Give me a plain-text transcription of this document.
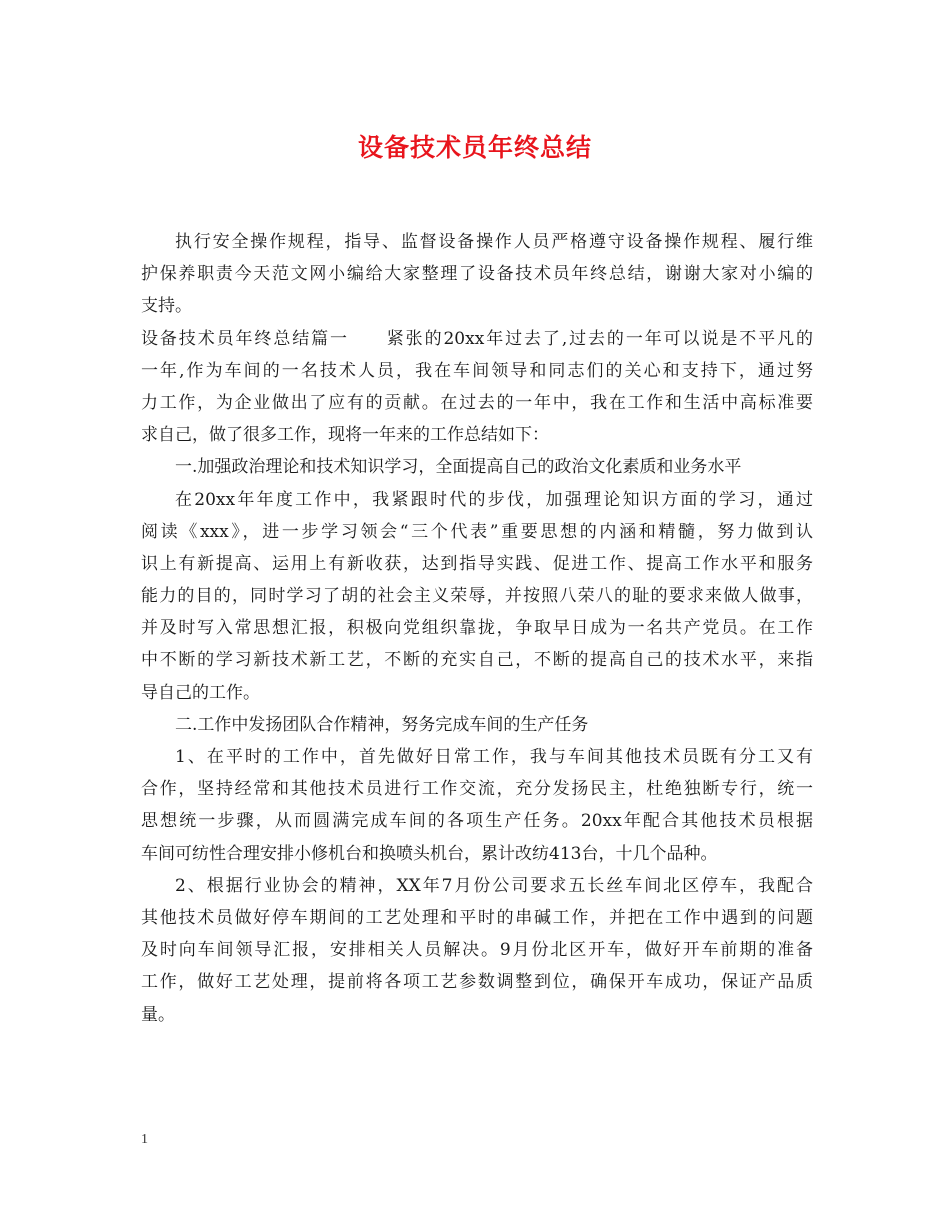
设备技术员年终总结
执行安全操作规程，指导、监督设备操作人员严格遵守设备操作规程、履行维
护保养职责今天范文网小编给大家整理了设备技术员年终总结，谢谢大家对小编的
支持。
设备技术员年终总结篇一　　紧张的20xx年过去了,过去的一年可以说是不平凡的
一年,作为车间的一名技术人员，我在车间领导和同志们的关心和支持下，通过努
力工作，为企业做出了应有的贡献。在过去的一年中，我在工作和生活中高标准要
求自己，做了很多工作，现将一年来的工作总结如下：
一.加强政治理论和技术知识学习，全面提高自己的政治文化素质和业务水平
在20xx年年度工作中，我紧跟时代的步伐，加强理论知识方面的学习，通过
阅读《xxx》，进一步学习领会“三个代表”重要思想的内涵和精髓，努力做到认
识上有新提高、运用上有新收获，达到指导实践、促进工作、提高工作水平和服务
能力的目的，同时学习了胡的社会主义荣辱，并按照八荣八的耻的要求来做人做事，
并及时写入常思想汇报，积极向党组织靠拢，争取早日成为一名共产党员。在工作
中不断的学习新技术新工艺，不断的充实自己，不断的提高自己的技术水平，来指
导自己的工作。
二.工作中发扬团队合作精神，努务完成车间的生产任务
1、在平时的工作中，首先做好日常工作，我与车间其他技术员既有分工又有
合作，坚持经常和其他技术员进行工作交流，充分发扬民主，杜绝独断专行，统一
思想统一步骤，从而圆满完成车间的各项生产任务。20xx年配合其他技术员根据
车间可纺性合理安排小修机台和换喷头机台，累计改纺413台，十几个品种。
2、根据行业协会的精神，XX年7月份公司要求五长丝车间北区停车，我配合
其他技术员做好停车期间的工艺处理和平时的串碱工作，并把在工作中遇到的问题
及时向车间领导汇报，安排相关人员解决。9月份北区开车，做好开车前期的准备
工作，做好工艺处理，提前将各项工艺参数调整到位，确保开车成功，保证产品质
量。
1
